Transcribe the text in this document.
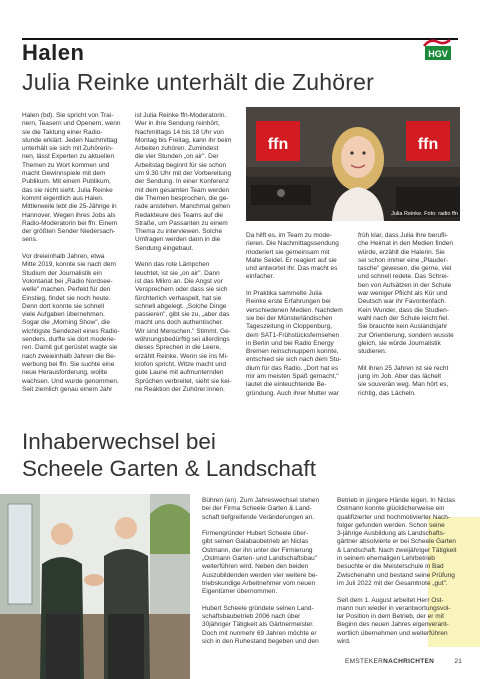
Halen	HGV
Julia Reinke unterhält die Zuhörer
Halen (bd). Sie spricht von Trai-
nern, Teasern und Openern, wenn
sie die Taktung einer Radio-
stunde erklärt. Jeden Nachmittag
unterhält sie sich mit Zuhörerin-
nen, lässt Experten zu aktuellen
Themen zu Wort kommen und
macht Gewinnspiele mit dem
Publikum. Mit einem Publikum,
das sie nicht sieht. Julia Reinke
kommt eigentlich aus Halen.
Mittlerweile lebt die 25-Jährige in
Hannover. Wegen ihres Jobs als
Radio-Moderatorin bei ffn. Einem
der größten Sender Niedersach-
sens.

Vor dreieinhalb Jahren, etwa
Mitte 2019, konnte sie nach dem
Studium der Journalistik ein
Volontariat bei „Radio Nordsee-
welle" machen. Perfekt für den
Einstieg, findet sie noch heute.
Denn dort konnte sie schnell
viele Aufgaben übernehmen.
Sogar die „Morning Show", die
wichtigste Sendezeit eines Radio-
senders, durfte sie dort moderie-
ren. Damit gut gerüstet wagte sie
nach zweieinhalb Jahren die Be-
werbung bei ffn. Sie suchte eine
neue Herausforderung, wollte
wachsen. Und wurde genommen.
Seit ziemlich genau einem Jahr
ist Julia Reinke ffn-Moderatorin.
Wer in ihre Sendung reinhört,
Nachmittags 14 bis 18 Uhr von
Montag bis Freitag, kann ihr beim
Arbeiten zuhören. Zumindest
die vier Stunden „on air". Der
Arbeitstag beginnt für sie schon
um 9.30 Uhr mit der Vorbereitung
der Sendung. In einer Konferenz
mit dem gesamten Team werden
die Themen besprochen, die ge-
rade anstehen. Manchmal gehen
Redakteure des Teams auf die
Straße, um Passanten zu einem
Thema zu interviewen. Solche
Umfragen werden dann in die
Sendung eingebaut.

Wenn das rote Lämpchen
leuchtet, ist sie „on air". Dann
ist das Mikro an. Die Angst vor
Versprechern oder dass sie sich
fürchterlich verhaspelt, hat sie
schnell abgelegt. „Solche Dinge
passieren", gibt sie zu, „aber das
macht uns doch authentischer.
Wir sind Menschen." Stimmt. Ge-
wöhnungsbedürftig sei allerdings
dieses Sprechen in die Leere,
erzählt Reinke. Wenn sie ins Mi-
krofon spricht, Witze macht und
gute Laune mit aufmunternden
Sprüchen verbreitet, sieht sie kei-
ne Reaktion der Zuhörer:innen.
Da hilft es, im Team zu mode-
rieren. Die Nachmittagssendung
moderiert sie gemeinsam mit
Malte Seidel. Er reagiert auf sie
und antwortet ihr. Das macht es
einfacher.

In Praktika sammelte Julia
Reinke erste Erfahrungen bei
verschiedenen Medien. Nachdem
sie bei der Münsterländischen
Tageszeitung in Cloppenburg,
dem SAT1-Frühstücksfernsehen
in Berlin und bei Radio Energy
Bremen reinschnuppern konnte,
entschied sie sich nach dem Stu-
dium für das Radio. „Dort hat es
mir am meisten Spaß gemacht,"
lautet die einleuchtende Be-
gründung. Auch ihrer Mutter war
früh klar, dass Julia ihre berufli-
che Heimat in den Medien finden
würde, erzählt die Halerin. Sie
sei schon immer eine „Plauder-
tasche" gewesen, die gerne, viel
und schnell redete. Das Schrei-
ben von Aufsätzen in der Schule
war weniger Pflicht als Kür und
Deutsch war ihr Favoritenfach.
Kein Wunder, dass die Studien-
wahl nach der Schule leicht fiel.
Sie brauchte kein Auslandsjahr
zur Orientierung, sondern wusste
gleich, sie würde Journalistik
studieren.

Mit ihren 25 Jahren ist sie recht
jung im Job. Aber das lächelt
sie souverän weg. Man hört es,
richtig, das Lächeln.
ffn	ffn
Julia Reinke. Foto: radio ffn
Inhaberwechsel bei
Scheele Garten & Landschaft
Bühren (en). Zum Jahreswechsel stehen
bei der Firma Scheele Garten & Land-
schaft tiefgreifende Veränderungen an.

Firmengründer Hubert Scheele über-
gibt seinen Galabaubetrieb an Niclas
Ostmann, der ihn unter der Firmierung
„Ostmann Garten- und Landschaftsbau"
weiterführen wird. Neben den beiden
Auszubildenden werden vier weitere be-
triebskundige Arbeitnehmer vom neuen
Eigentümer übernommen.

Hubert Scheele gründete seinen Land-
schaftsbaubetrieb 2006 nach über
30jähriger Tätigkeit als Gärtnermeister.
Doch mit nunmehr 69 Jahren möchte er
sich in den Ruhestand begeben und den
Betrieb in jüngere Hände legen. In Niclas
Ostmann konnte glücklicherweise ein
qualifizierter und hochmotivierter Nach-
folger gefunden werden. Schon seine
3-jährige Ausbildung als Landschafts-
gärtner absolvierte er bei Scheele Garten
& Landschaft. Nach zweijähriger Tätigkeit
in seinem ehemaligen Lehrbetrieb
besuchte er die Meisterschule in Bad
Zwischenahn und bestand seine Prüfung
im Juli 2022 mit der Gesamtnote „gut".

Seit dem 1. August arbeitet Herr Ost-
mann nun wieder in verantwortungsvol-
ler Position in dem Betrieb, der er mit
Beginn des neuen Jahres eigenverant-
wortlich übernehmen und weiterführen
wird.
EMSTEKERNACHRICHTEN	21
